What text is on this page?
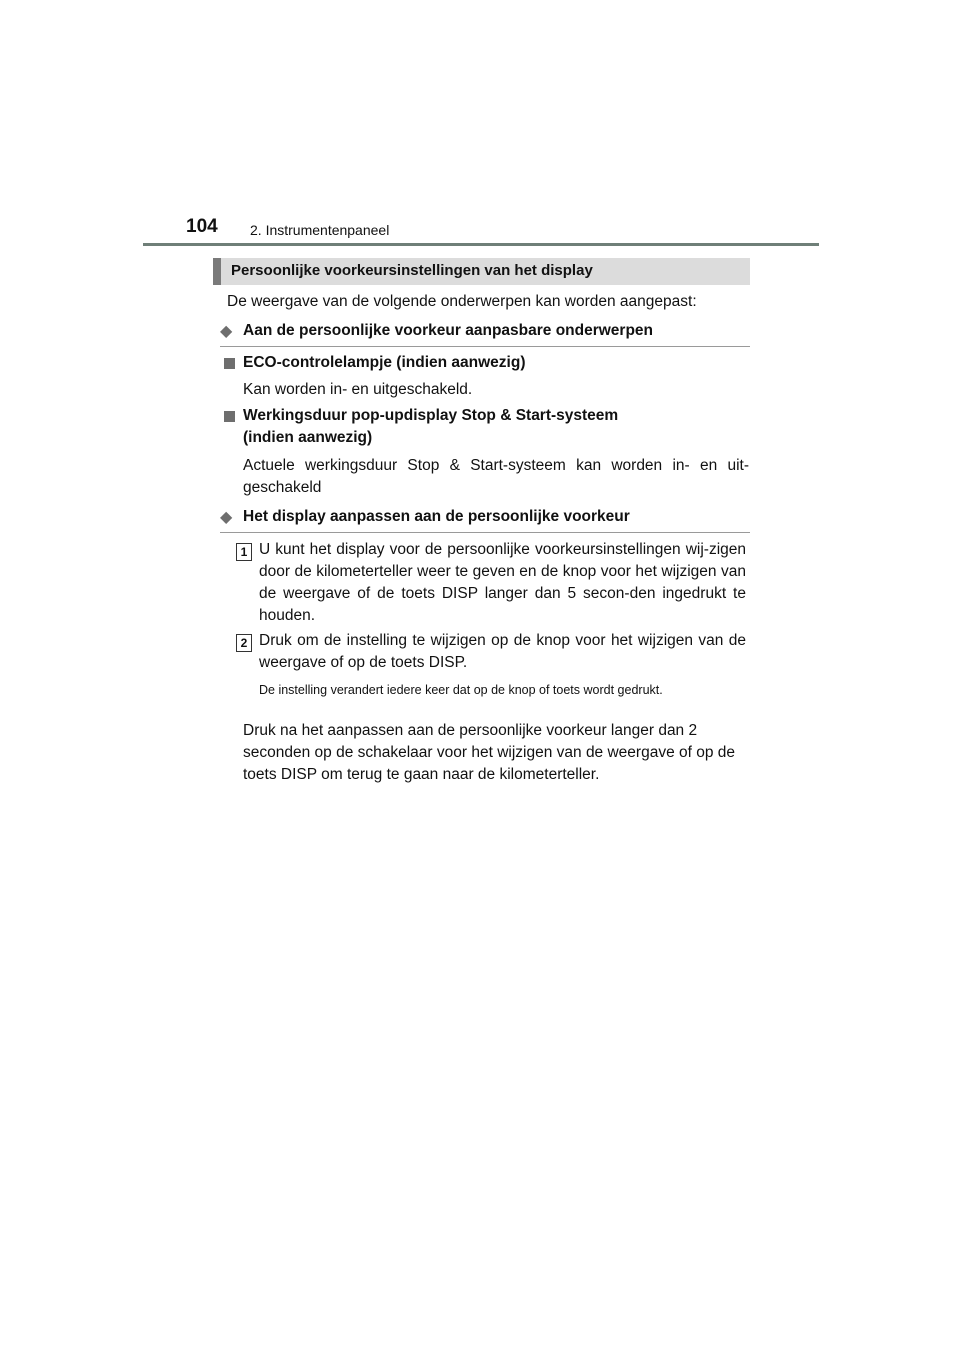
104 2. Instrumentenpaneel
Persoonlijke voorkeursinstellingen van het display
De weergave van de volgende onderwerpen kan worden aangepast:
◆ Aan de persoonlijke voorkeur aanpasbare onderwerpen
ECO-controlelampje (indien aanwezig)
Kan worden in- en uitgeschakeld.
Werkingsduur pop-updisplay Stop & Start-systeem
(indien aanwezig)
Actuele werkingsduur Stop & Start-systeem kan worden in- en uit-geschakeld
◆ Het display aanpassen aan de persoonlijke voorkeur
1 U kunt het display voor de persoonlijke voorkeursinstellingen wij-zigen door de kilometerteller weer te geven en de knop voor het wijzigen van de weergave of de toets DISP langer dan 5 secon-den ingedrukt te houden.
2 Druk om de instelling te wijzigen op de knop voor het wijzigen van de weergave of op de toets DISP.
De instelling verandert iedere keer dat op de knop of toets wordt gedrukt.
Druk na het aanpassen aan de persoonlijke voorkeur langer dan 2 seconden op de schakelaar voor het wijzigen van de weergave of op de toets DISP om terug te gaan naar de kilometerteller.
